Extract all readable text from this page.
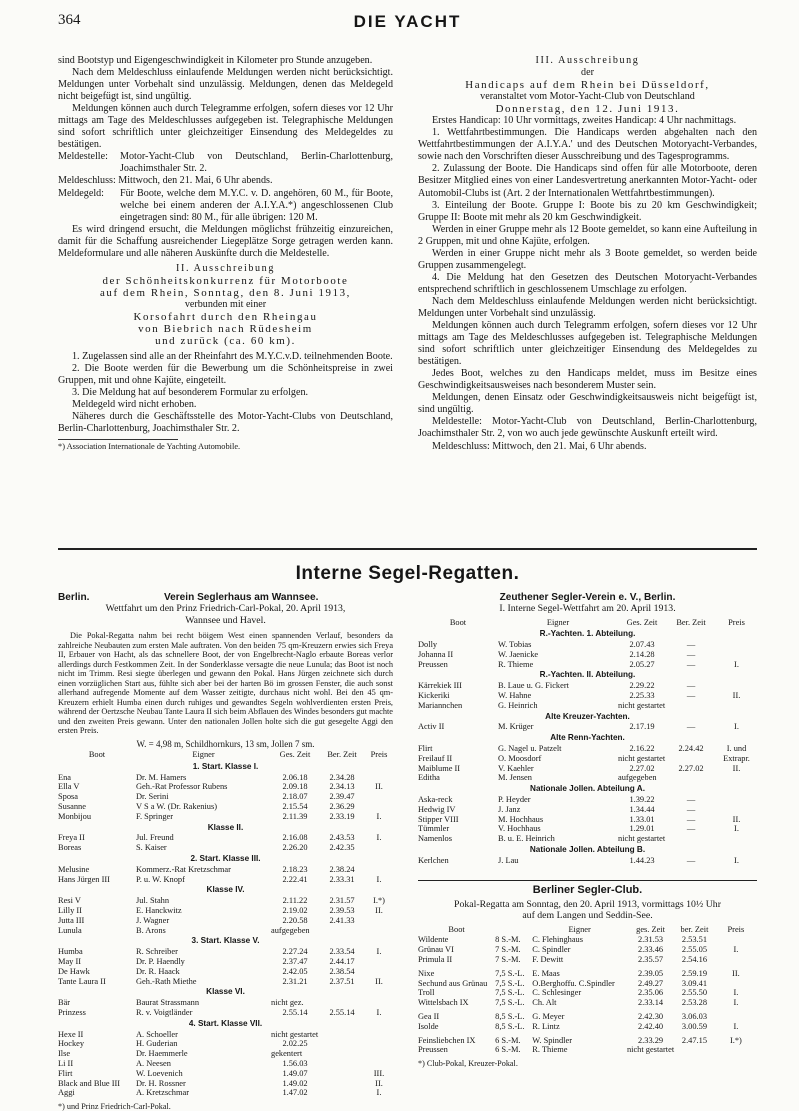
364	DIE YACHT

sind Bootstyp und Eigengeschwindigkeit in Kilometer pro Stunde anzugeben.

Nach dem Meldeschluss einlaufende Meldungen werden nicht berücksichtigt. Meldungen unter Vorbehalt sind unzulässig. Meldungen, denen das Meldegeld nicht beigefügt ist, sind ungültig.

Meldungen können auch durch Telegramme erfolgen, sofern dieses vor 12 Uhr mittags am Tage des Meldeschlusses aufgegeben ist. Telegraphische Meldungen sind sofort schriftlich unter gleichzeitiger Einsendung des Meldegeldes zu bestätigen.

Meldestelle: Motor-Yacht-Club von Deutschland, Berlin-Charlottenburg, Joachimsthaler Str. 2.

Meldeschluss: Mittwoch, den 21. Mai, 6 Uhr abends.

Meldegeld: Für Boote, welche dem M.Y.C. v. D. angehören, 60 M., für Boote, welche bei einem anderen der A.I.Y.A.*) angeschlossenen Club eingetragen sind: 80 M., für alle übrigen: 120 M.

Es wird dringend ersucht, die Meldungen möglichst frühzeitig einzureichen, damit für die Schaffung ausreichender Liegeplätze Sorge getragen werden kann. Meldeformulare und alle näheren Auskünfte durch die Meldestelle.

II. Ausschreibung

der Schönheitskonkurrenz für Motorboote

auf dem Rhein, Sonntag, den 8. Juni 1913,

verbunden mit einer

Korsofahrt durch den Rheingau

von Biebrich nach Rüdesheim

und zurück (ca. 60 km).

1. Zugelassen sind alle an der Rheinfahrt des M.Y.C.v.D. teilnehmenden Boote.

2. Die Boote werden für die Bewerbung um die Schönheitspreise in zwei Gruppen, mit und ohne Kajüte, eingeteilt.

3. Die Meldung hat auf besonderem Formular zu erfolgen.

Meldegeld wird nicht erhoben.

Näheres durch die Geschäftsstelle des Motor-Yacht-Clubs von Deutschland, Berlin-Charlottenburg, Joachimsthaler Str. 2.

*) Association Internationale de Yachting Automobile.

III. Ausschreibung

der

Handicaps auf dem Rhein bei Düsseldorf,

veranstaltet vom Motor-Yacht-Club von Deutschland

Donnerstag, den 12. Juni 1913.

Erstes Handicap: 10 Uhr vormittags, zweites Handicap: 4 Uhr nachmittags.

1. Wettfahrtbestimmungen. Die Handicaps werden abgehalten nach den Wettfahrtbestimmungen der A.I.Y.A.' und des Deutschen Motoryacht-Verbandes, sowie nach den Vorschriften dieser Ausschreibung und des Tagesprogramms.

2. Zulassung der Boote. Die Handicaps sind offen für alle Motorboote, deren Besitzer Mitglied eines von einer Landesvertretung anerkannten Motor-Yacht- oder Automobil-Clubs ist (Art. 2 der Internationalen Wettfahrtbestimmungen).

3. Einteilung der Boote. Gruppe I: Boote bis zu 20 km Geschwindigkeit; Gruppe II: Boote mit mehr als 20 km Geschwindigkeit.

Werden in einer Gruppe mehr als 12 Boote gemeldet, so kann eine Aufteilung in 2 Gruppen, mit und ohne Kajüte, erfolgen.

Werden in einer Gruppe nicht mehr als 3 Boote gemeldet, so werden beide Gruppen zusammengelegt.

4. Die Meldung hat den Gesetzen des Deutschen Motoryacht-Verbandes entsprechend schriftlich in geschlossenem Umschlage zu erfolgen.

Nach dem Meldeschluss einlaufende Meldungen werden nicht berücksichtigt. Meldungen unter Vorbehalt sind unzulässig.

Meldungen können auch durch Telegramm erfolgen, sofern dieses vor 12 Uhr mittags am Tage des Meldeschlusses aufgegeben ist. Telegraphische Meldungen sind sofort schriftlich unter gleichzeitiger Einsendung des Meldegeldes zu bestätigen.

Jedes Boot, welches zu den Handicaps meldet, muss im Besitze eines Geschwindigkeitsausweises nach besonderem Muster sein.

Meldungen, denen Einsatz oder Geschwindigkeitsausweis nicht beigefügt ist, sind ungültig.

Meldestelle: Motor-Yacht-Club von Deutschland, Berlin-Charlottenburg, Joachimsthaler Str. 2, von wo auch jede gewünschte Auskunft erteilt wird.

Meldeschluss: Mittwoch, den 21. Mai, 6 Uhr abends.

Interne Segel-Regatten.
Berlin.	Verein Seglerhaus am Wannsee.
Wettfahrt um den Prinz Friedrich-Carl-Pokal, 20. April 1913,
Wannsee und Havel.

Die Pokal-Regatta nahm bei recht böigem West einen spannenden Verlauf, besonders da zahlreiche Neubauten zum ersten Male auftraten. Von den beiden 75 qm-Kreuzern erwies sich Freya II, Erbauer von Hacht, als das schnellere Boot, der von Engelbrecht-Naglo erbaute Boreas verlor allerdings durch Festkommen Zeit. In der Sonderklasse versagte die neue Lunula; das Boot ist noch nicht im Trimm. Resi siegte überlegen und gewann den Pokal. Hans Jürgen zeichnete sich durch einen vorzüglichen Start aus, fühlte sich aber bei der harten Bö im grossen Fenster, die auch sonst allerhand aufregende Momente auf dem Wasser zeitigte, durchaus nicht wohl. Bei den 45 qm-Kreuzern erhielt Humba einen durch ruhiges und gewandtes Segeln wohlverdienten ersten Preis, während der Oertzsche Neubau Tante Laura II sich beim Abflauen des Windes besonders gut machte und den zweiten Preis gewann. Unter den nationalen Jollen holte sich die gut gesegelte Aggi den ersten Preis.

W. = 4,98 m, Schildhornkurs, 13 sm, Jollen 7 sm.
Boot	Eigner	Ges. Zeit	Ber. Zeit	Preis
1. Start. Klasse I.				
Ena	Dr. M. Hamers	2.06.18	2.34.28	
Ella V	Geh.-Rat Professor Rubens	2.09.18	2.34.13	II.
Sposa	Dr. Serini	2.18.07	2.39.47	
Susanne	V S a W. (Dr. Rakenius)	2.15.54	2.36.29	
Monbijou	F. Springer	2.11.39	2.33.19	I.
Klasse II.				
Freya II	Jul. Freund	2.16.08	2.43.53	I.
Boreas	S. Kaiser	2.26.20	2.42.35	
2. Start. Klasse III.				
Melusine	Kommerz.-Rat Kretzschmar	2.18.23	2.38.24	
Hans Jürgen III	P. u. W. Knopf	2.22.41	2.33.31	I.
Klasse IV.				
Resi V	Jul. Stahn	2.11.22	2.31.57	I.*)
Lilly II	E. Hanckwitz	2.19.02	2.39.53	II.
Jutta III	J. Wagner	2.20.58	2.41.33	
Lunula	B. Arons	aufgegeben		
3. Start. Klasse V.				
Humba	R. Schreiber	2.27.24	2.33.54	I.
May II	Dr. P. Haendly	2.37.47	2.44.17	
De Hawk	Dr. R. Haack	2.42.05	2.38.54	
Tante Laura II	Geh.-Rath Miethe	2.31.21	2.37.51	II.
Klasse VI.				
Bär	Baurat Strassmann	nicht gez.		
Prinzess	R. v. Voigtländer	2.55.14	2.55.14	I.
4. Start. Klasse VII.				
Hexe II	A. Schoeller	nicht gestartet		
Hockey	H. Guderian	2.02.25		
Ilse	Dr. Haemmerle	gekentert		
Li II	A. Neesen	1.56.03		
Flirt	W. Loevenich	1.49.07		III.
Black and Blue III	Dr. H. Rossner	1.49.02		II.
Aggi	A. Kretzschmar	1.47.02		I.
*) und Prinz Friedrich-Carl-Pokal.
Zeuthener Segler-Verein e. V., Berlin.
I. Interne Segel-Wettfahrt am 20. April 1913.
Boot	Eigner	Ges. Zeit	Ber. Zeit	Preis
R.-Yachten. 1. Abteilung.				
Dolly	W. Tobias	2.07.43	—	
Johanna II	W. Jaenicke	2.14.28	—	
Preussen	R. Thieme	2.05.27	—	I.
R.-Yachten. II. Abteilung.				
Kärrekiek III	B. Laue u. G. Fickert	2.29.22	—	
Kickeriki	W. Hahne	2.25.33	—	II.
Mariannchen	G. Heinrich	nicht gestartet		
Alte Kreuzer-Yachten.				
Activ II	M. Krüger	2.17.19	—	I.
Alte Renn-Yachten.				
Flirt	G. Nagel u. Patzelt	2.16.22	2.24.42	I. und
Freilauf II	O. Moosdorf	nicht gestartet		Extrapr.
Maiblume II	V. Kaehler	2.27.02	2.27.02	II.
Editha	M. Jensen	aufgegeben		
Nationale Jollen. Abteilung A.				
Aska-reck	P. Heyder	1.39.22	—	
Hedwig IV	J. Janz	1.34.44	—	
Stipper VIII	M. Hochhaus	1.33.01	—	II.
Tümmler	V. Hochhaus	1.29.01	—	I.
Namenlos	B. u. E. Heinrich	nicht gestartet		
Nationale Jollen. Abteilung B.				
Kerlchen	J. Lau	1.44.23	—	I.
Berliner Segler-Club.
Pokal-Regatta am Sonntag, den 20. April 1913, vormittags 10½ Uhr
auf dem Langen und Seddin-See.
Boot		Eigner	ges. Zeit	ber. Zeit	Preis
Wildente	8 S.-M.	C. Flehinghaus	2.31.53	2.53.51	
Grünau VI	7 S.-M.	C. Spindler	2.33.46	2.55.05	I.
Primula II	7 S.-M.	F. Dewitt	2.35.57	2.54.16	

Nixe	7,5 S.-L.	E. Maas	2.39.05	2.59.19	II.
Sechund aus Grünau	7,5 S.-L.	O.Berghoffu. C.Spindler	2.49.27	3.09.41	
Troll	7,5 S.-L.	C. Schlesinger	2.35.06	2.55.50	I.
Wittelsbach IX	7,5 S.-L.	Ch. Alt	2.33.14	2.53.28	I.

Gea II	8,5 S.-L.	G. Meyer	2.42.30	3.06.03	
Isolde	8,5 S.-L.	R. Lintz	2.42.40	3.00.59	I.

Feinsliebchen IX	6 S.-M.	W. Spindler	2.33.29	2.47.15	I.*)
Preussen	6 S.-M.	R. Thieme	nicht gestartet		
*) Club-Pokal, Kreuzer-Pokal.
